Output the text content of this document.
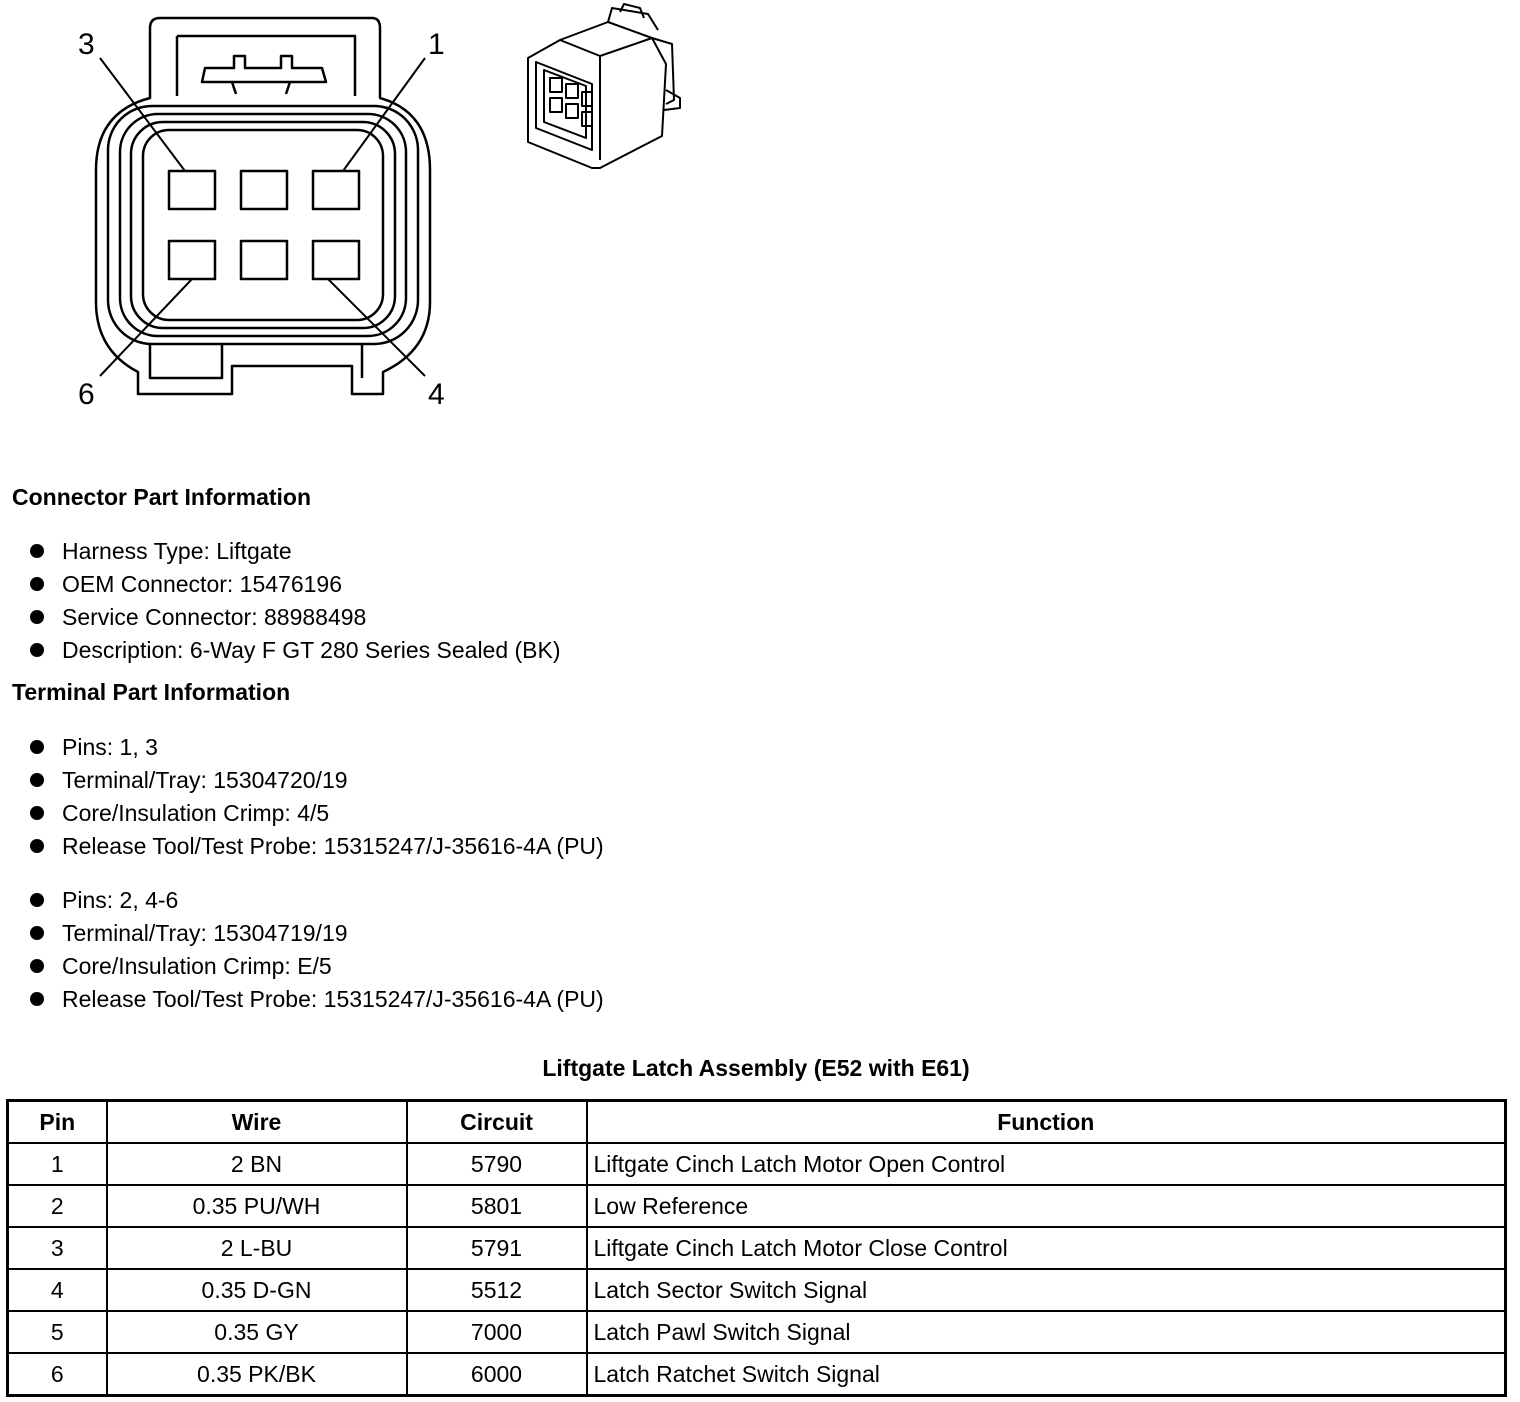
3	1
6	4
Connector Part Information
Harness Type: Liftgate
OEM Connector: 15476196
Service Connector: 88988498
Description: 6-Way F GT 280 Series Sealed (BK)
Terminal Part Information
Pins: 1, 3
Terminal/Tray: 15304720/19
Core/Insulation Crimp: 4/5
Release Tool/Test Probe: 15315247/J-35616-4A (PU)
Pins: 2, 4-6
Terminal/Tray: 15304719/19
Core/Insulation Crimp: E/5
Release Tool/Test Probe: 15315247/J-35616-4A (PU)
Liftgate Latch Assembly (E52 with E61)
Pin	Wire	Circuit	Function
1	2 BN	5790	Liftgate Cinch Latch Motor Open Control
2	0.35 PU/WH	5801	Low Reference
3	2 L-BU	5791	Liftgate Cinch Latch Motor Close Control
4	0.35 D-GN	5512	Latch Sector Switch Signal
5	0.35 GY	7000	Latch Pawl Switch Signal
6	0.35 PK/BK	6000	Latch Ratchet Switch Signal
